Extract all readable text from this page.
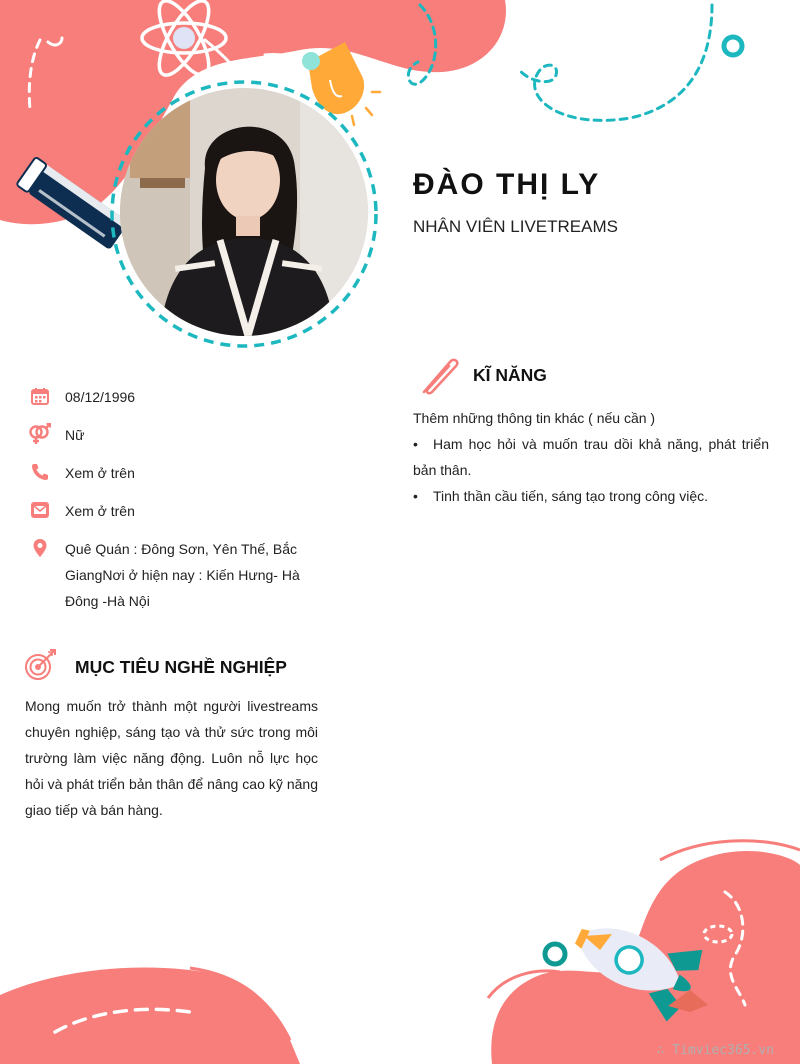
ĐÀO THỊ LY
NHÂN VIÊN LIVETREAMS
08/12/1996
Nữ
Xem ở trên
Xem ở trên
Quê Quán : Đông Sơn, Yên Thế, Bắc
GiangNơi ở hiện nay : Kiến Hưng- Hà
Đông -Hà Nội
MỤC TIÊU NGHỀ NGHIỆP
Mong muốn trở thành một người livestreams
chuyên nghiệp, sáng tạo và thử sức trong môi
trường làm việc năng động. Luôn nỗ lực học
hỏi và phát triển bản thân để nâng cao kỹ năng
giao tiếp và bán hàng.
KĨ NĂNG
Thêm những thông tin khác ( nếu cần )
• Ham học hỏi và muốn trau dồi khả năng, phát triển
bản thân.
• Tinh thần cầu tiến, sáng tạo trong công việc.
∴ Timviec365.vn
